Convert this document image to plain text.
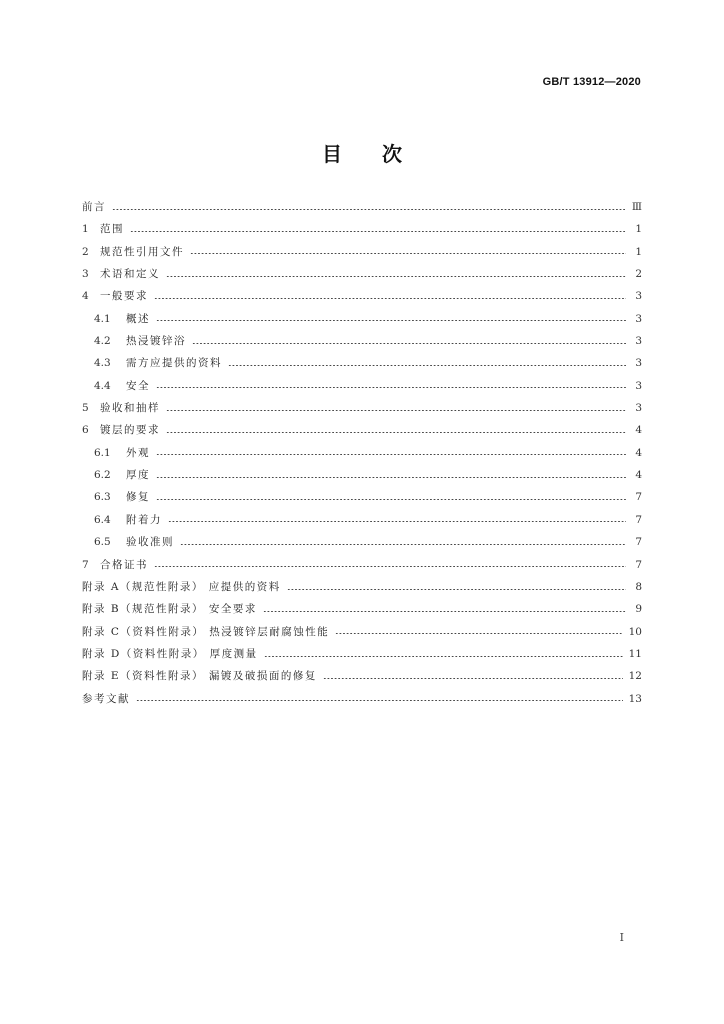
GB/T 13912—2020
目 次
前言	Ⅲ
1	范围	1
2	规范性引用文件	1
3	术语和定义	2
4	一般要求	3
4.1	概述	3
4.2	热浸镀锌浴	3
4.3	需方应提供的资料	3
4.4	安全	3
5	验收和抽样	3
6	镀层的要求	4
6.1	外观	4
6.2	厚度	4
6.3	修复	7
6.4	附着力	7
6.5	验收准则	7
7	合格证书	7
附录 A（规范性附录） 应提供的资料	8
附录 B（规范性附录） 安全要求	9
附录 C（资料性附录） 热浸镀锌层耐腐蚀性能	10
附录 D（资料性附录） 厚度测量	11
附录 E（资料性附录） 漏镀及破损面的修复	12
参考文献	13
Ⅰ
